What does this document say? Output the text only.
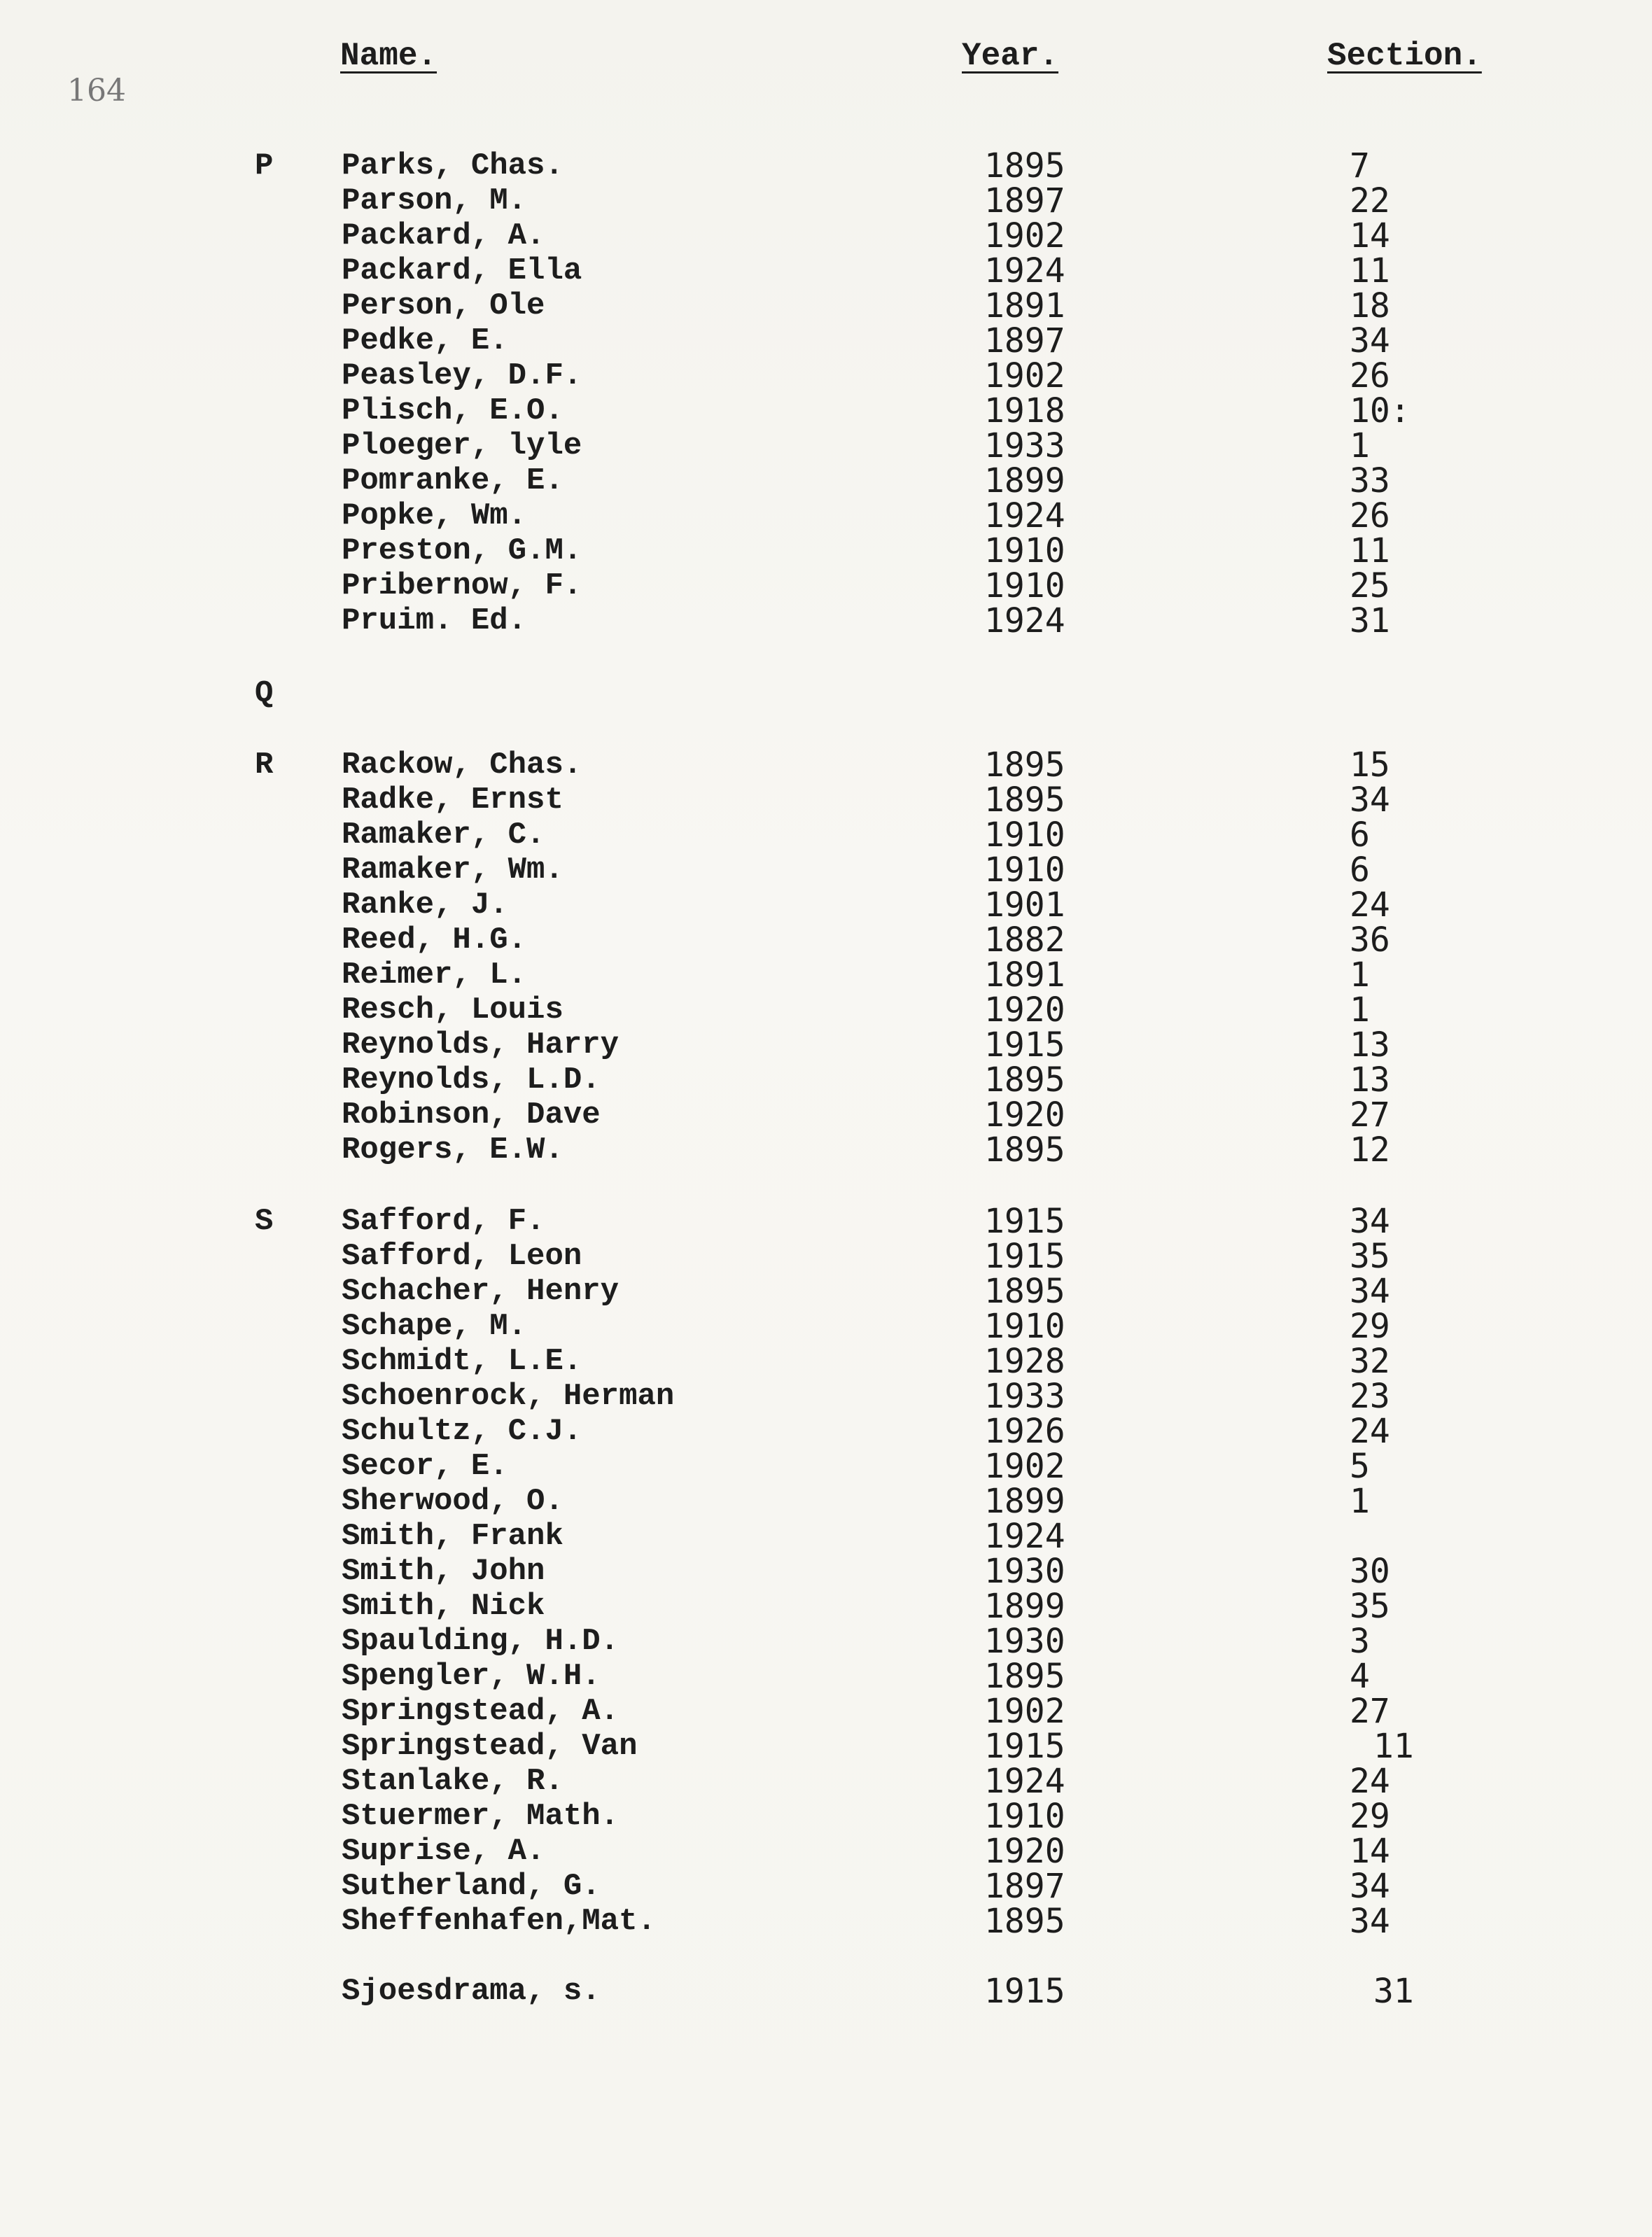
164
Name.	Year.	Section.
P Parks, Chas.	1895	7
Parson, M.	1897	22
Packard, A.	1902	14
Packard, Ella	1924	11
Person, Ole	1891	18
Pedke, E.	1897	34
Peasley, D.F.	1902	26
Plisch, E.O.	1918	10:
Ploeger, lyle	1933	1
Pomranke, E.	1899	33
Popke, Wm.	1924	26
Preston, G.M.	1910	11
Pribernow, F.	1910	25
Pruim. Ed.	1924	31
Q
R Rackow, Chas.	1895	15
Radke, Ernst	1895	34
Ramaker, C.	1910	6
Ramaker, Wm.	1910	6
Ranke, J.	1901	24
Reed, H.G.	1882	36
Reimer, L.	1891	1
Resch, Louis	1920	1
Reynolds, Harry	1915	13
Reynolds, L.D.	1895	13
Robinson, Dave	1920	27
Rogers, E.W.	1895	12
S Safford, F.	1915	34
Safford, Leon	1915	35
Schacher, Henry	1895	34
Schape, M.	1910	29
Schmidt, L.E.	1928	32
Schoenrock, Herman	1933	23
Schultz, C.J.	1926	24
Secor, E.	1902	5
Sherwood, O.	1899	1
Smith, Frank	1924
Smith, John	1930	30
Smith, Nick	1899	35
Spaulding, H.D.	1930	3
Spengler, W.H.	1895	4
Springstead, A.	1902	27
Springstead, Van	1915	11
Stanlake, R.	1924	24
Stuermer, Math.	1910	29
Suprise, A.	1920	14
Sutherland, G.	1897	34
Sheffenhafen,Mat.	1895	34
Sjoesdrama, s.	1915	31
